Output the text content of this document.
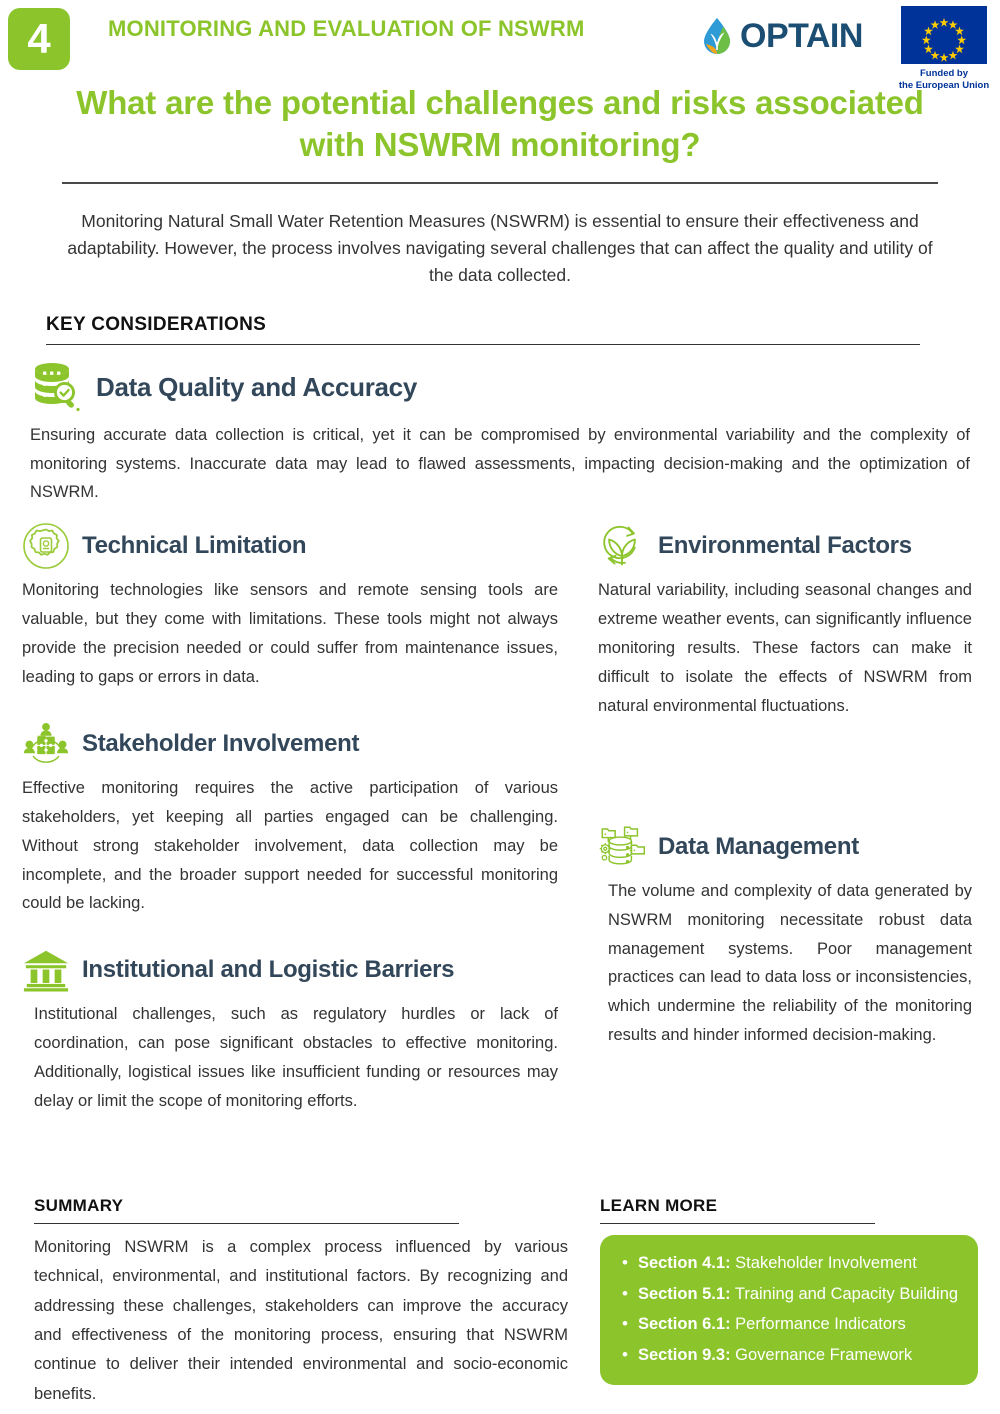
4	MONITORING AND EVALUATION OF NSWRM	OPTAIN
Funded by
the European Union
What are the potential challenges and risks associated with NSWRM monitoring?
Monitoring Natural Small Water Retention Measures (NSWRM) is essential to ensure their effectiveness and adaptability. However, the process involves navigating several challenges that can affect the quality and utility of the data collected.
KEY CONSIDERATIONS
Data Quality and Accuracy
Ensuring accurate data collection is critical, yet it can be compromised by environmental variability and the complexity of monitoring systems. Inaccurate data may lead to flawed assessments, impacting decision-making and the optimization of NSWRM.
Technical Limitation
Monitoring technologies like sensors and remote sensing tools are valuable, but they come with limitations. These tools might not always provide the precision needed or could suffer from maintenance issues, leading to gaps or errors in data.
Stakeholder Involvement
Effective monitoring requires the active participation of various stakeholders, yet keeping all parties engaged can be challenging. Without strong stakeholder involvement, data collection may be incomplete, and the broader support needed for successful monitoring could be lacking.
Institutional and Logistic Barriers
Institutional challenges, such as regulatory hurdles or lack of coordination, can pose significant obstacles to effective monitoring. Additionally, logistical issues like insufficient funding or resources may delay or limit the scope of monitoring efforts.
Environmental Factors
Natural variability, including seasonal changes and extreme weather events, can significantly influence monitoring results. These factors can make it difficult to isolate the effects of NSWRM from natural environmental fluctuations.
Data Management
The volume and complexity of data generated by NSWRM monitoring necessitate robust data management systems. Poor management practices can lead to data loss or inconsistencies, which undermine the reliability of the monitoring results and hinder informed decision-making.
SUMMARY
Monitoring NSWRM is a complex process influenced by various technical, environmental, and institutional factors. By recognizing and addressing these challenges, stakeholders can improve the accuracy and effectiveness of the monitoring process, ensuring that NSWRM continue to deliver their intended environmental and socio-economic benefits.
LEARN MORE
• Section 4.1: Stakeholder Involvement
• Section 5.1: Training and Capacity Building
• Section 6.1: Performance Indicators
• Section 9.3: Governance Framework
